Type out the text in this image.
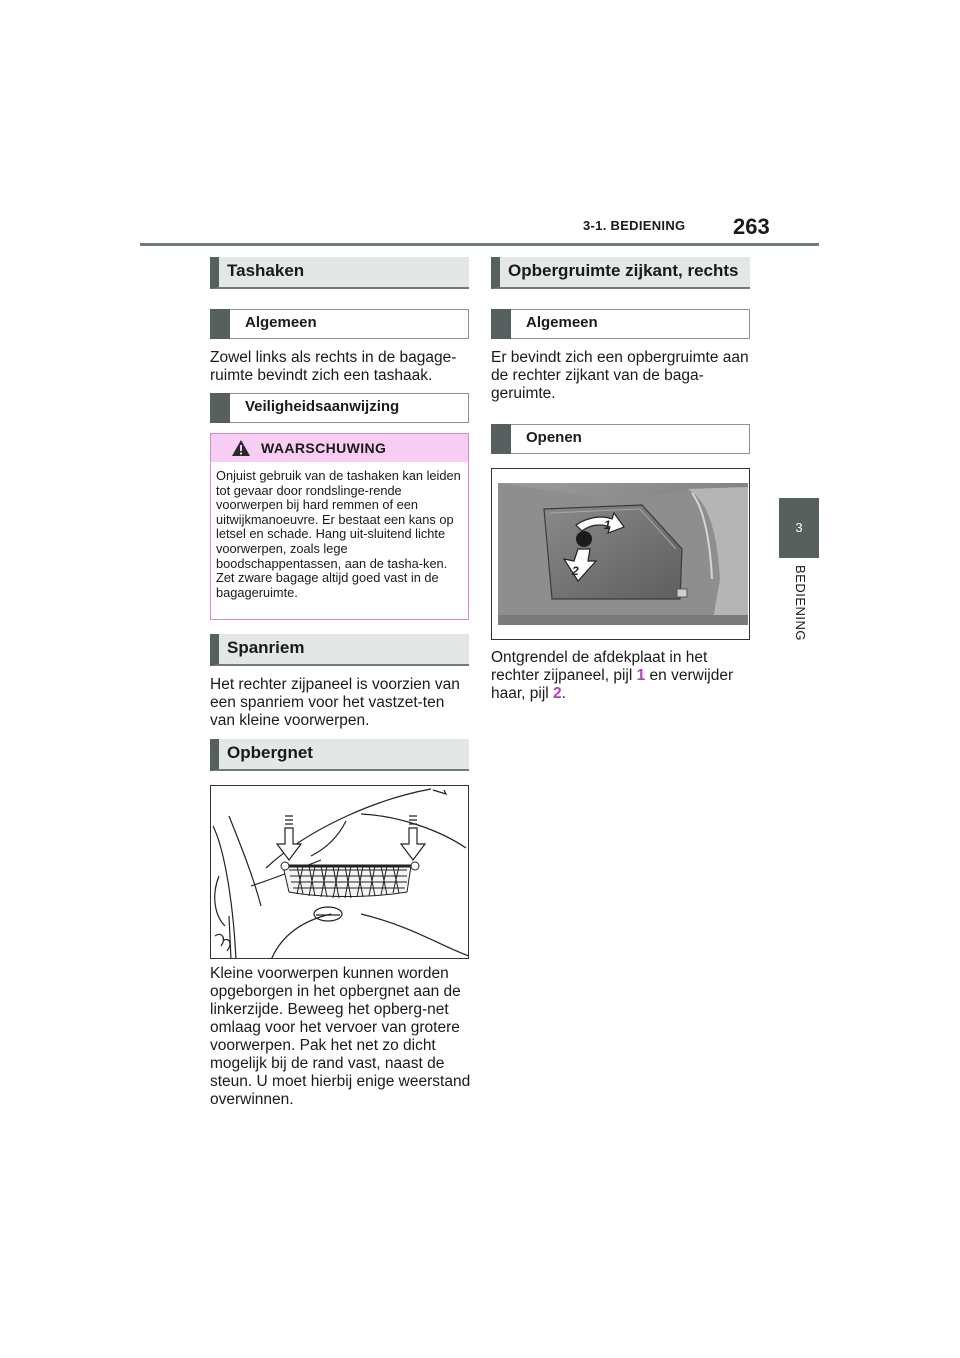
3-1. BEDIENING 263
3
BEDIENING
Tashaken
Algemeen
Zowel links als rechts in de bagage-ruimte bevindt zich een tashaak.
Veiligheidsaanwijzing
WAARSCHUWING
Onjuist gebruik van de tashaken kan leiden tot gevaar door rondslinge-rende voorwerpen bij hard remmen of een uitwijkmanoeuvre. Er bestaat een kans op letsel en schade. Hang uit-sluitend lichte voorwerpen, zoals lege boodschappentassen, aan de tasha-ken. Zet zware bagage altijd goed vast in de bagageruimte.
Spanriem
Het rechter zijpaneel is voorzien van een spanriem voor het vastzet-ten van kleine voorwerpen.
Opbergnet
Kleine voorwerpen kunnen worden opgeborgen in het opbergnet aan de linkerzijde. Beweeg het opberg-net omlaag voor het vervoer van grotere voorwerpen. Pak het net zo dicht mogelijk bij de rand vast, naast de steun. U moet hierbij enige weerstand overwinnen.
Opbergruimte zijkant, rechts
Algemeen
Er bevindt zich een opbergruimte aan de rechter zijkant van de baga-geruimte.
Openen
1
2
Ontgrendel de afdekplaat in het rechter zijpaneel, pijl 1 en verwijder haar, pijl 2.
